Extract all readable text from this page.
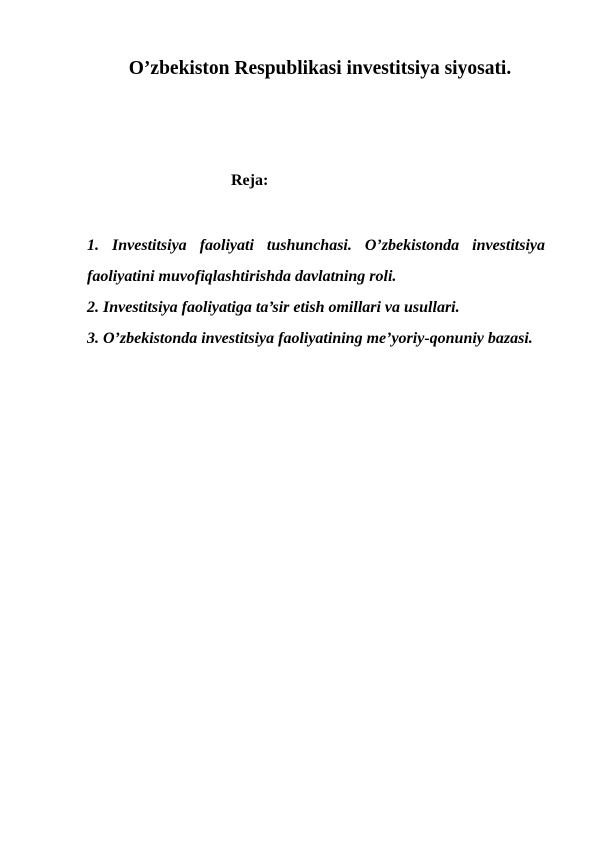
O’zbekiston Respublikasi investitsiya siyosati.

Reja:

1. Investitsiya faoliyati tushunchasi. O’zbekistonda investitsiya faoliyatini muvofiqlashtirishda davlatning roli.
2. Investitsiya faoliyatiga ta’sir etish omillari va usullari.
3. O’zbekistonda investitsiya faoliyatining me’yoriy-qonuniy bazasi.
